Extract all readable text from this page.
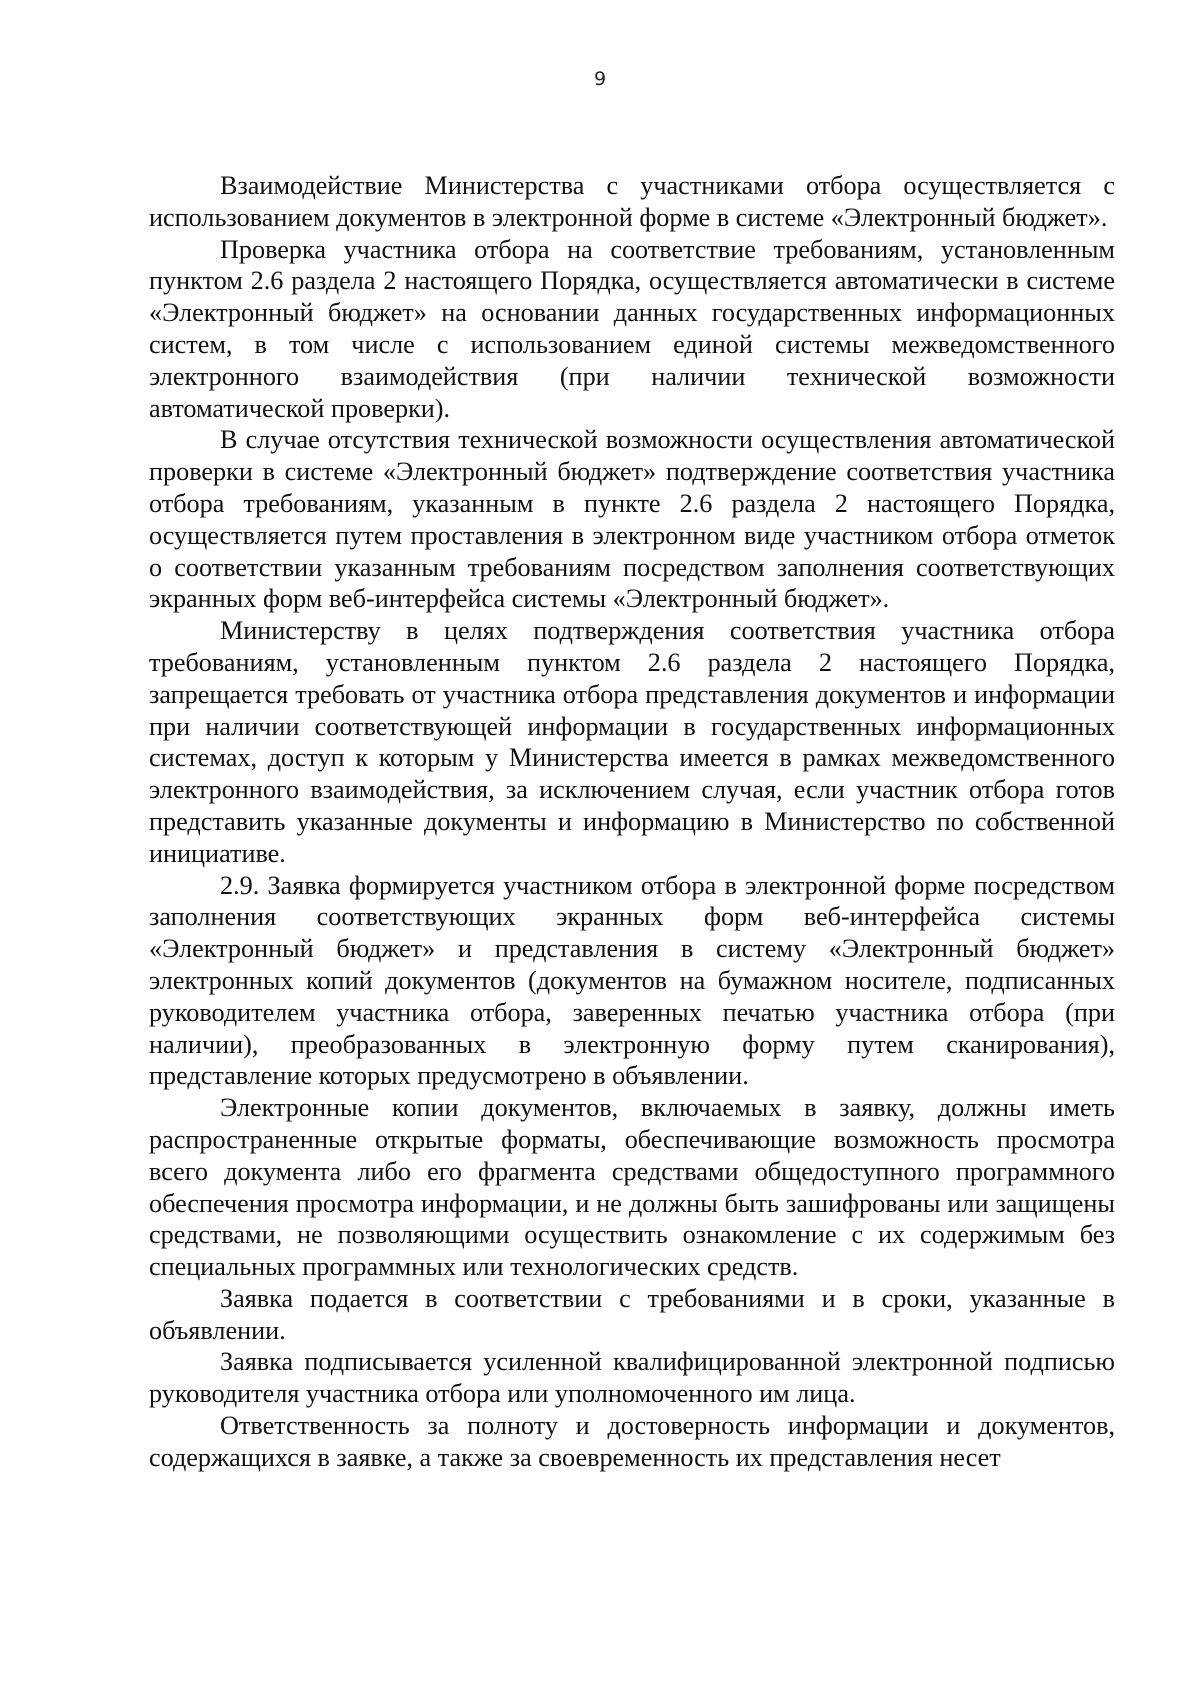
9

Взаимодействие Министерства с участниками отбора осуществляется с использованием документов в электронной форме в системе «Электронный бюджет».

Проверка участника отбора на соответствие требованиям, установленным пунктом 2.6 раздела 2 настоящего Порядка, осуществляется автоматически в системе «Электронный бюджет» на основании данных государственных информационных систем, в том числе с использованием единой системы межведомственного электронного взаимодействия (при наличии технической возможности автоматической проверки).

В случае отсутствия технической возможности осуществления автоматической проверки в системе «Электронный бюджет» подтверждение соответствия участника отбора требованиям, указанным в пункте 2.6 раздела 2 настоящего Порядка, осуществляется путем проставления в электронном виде участником отбора отметок о соответствии указанным требованиям посредством заполнения соответствующих экранных форм веб-интерфейса системы «Электронный бюджет».

Министерству в целях подтверждения соответствия участника отбора требованиям, установленным пунктом 2.6 раздела 2 настоящего Порядка, запрещается требовать от участника отбора представления документов и информации при наличии соответствующей информации в государственных информационных системах, доступ к которым у Министерства имеется в рамках межведомственного электронного взаимодействия, за исключением случая, если участник отбора готов представить указанные документы и информацию в Министерство по собственной инициативе.

2.9. Заявка формируется участником отбора в электронной форме посредством заполнения соответствующих экранных форм веб-интерфейса системы «Электронный бюджет» и представления в систему «Электронный бюджет» электронных копий документов (документов на бумажном носителе, подписанных руководителем участника отбора, заверенных печатью участника отбора (при наличии), преобразованных в электронную форму путем сканирования), представление которых предусмотрено в объявлении.

Электронные копии документов, включаемых в заявку, должны иметь распространенные открытые форматы, обеспечивающие возможность просмотра всего документа либо его фрагмента средствами общедоступного программного обеспечения просмотра информации, и не должны быть зашифрованы или защищены средствами, не позволяющими осуществить ознакомление с их содержимым без специальных программных или технологических средств.

Заявка подается в соответствии с требованиями и в сроки, указанные в объявлении.

Заявка подписывается усиленной квалифицированной электронной подписью руководителя участника отбора или уполномоченного им лица.

Ответственность за полноту и достоверность информации и документов, содержащихся в заявке, а также за своевременность их представления несет
